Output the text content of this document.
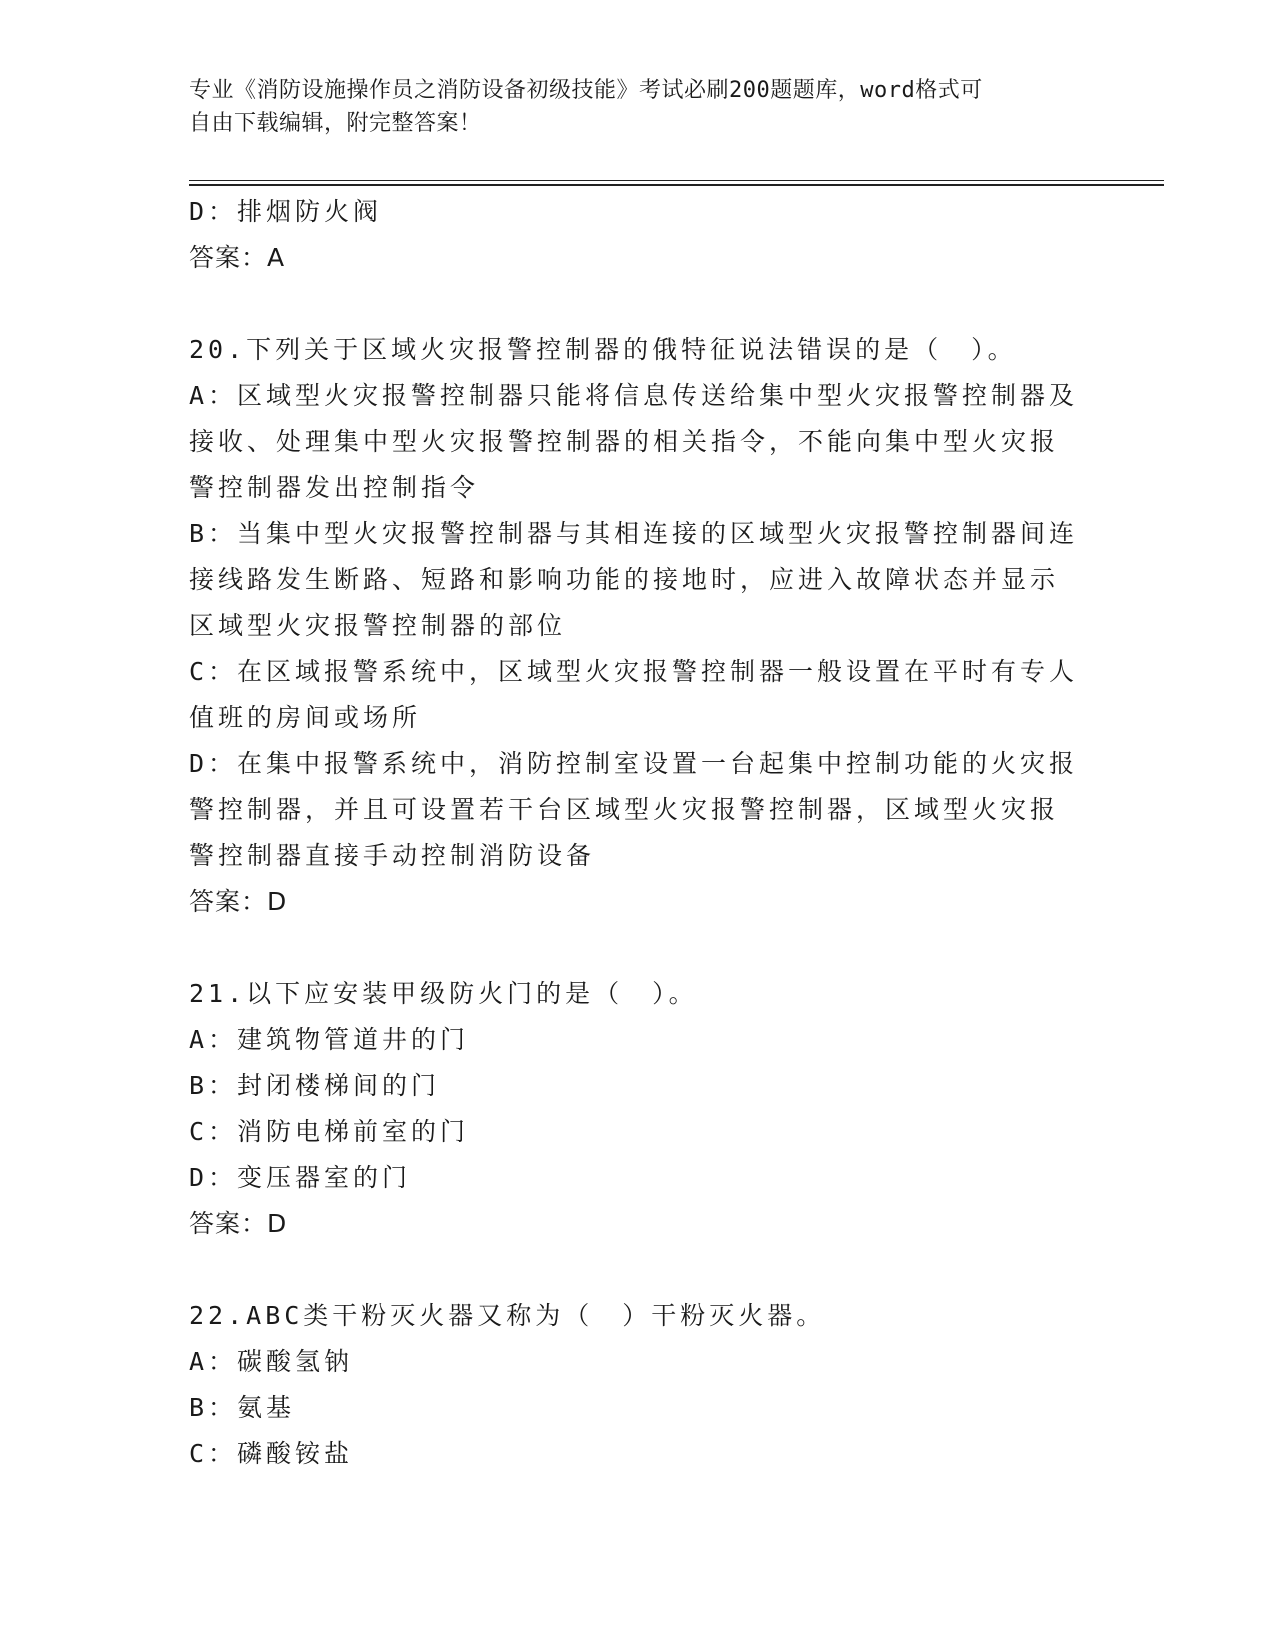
专业《消防设施操作员之消防设备初级技能》考试必刷200题题库，word格式可
自由下载编辑，附完整答案！
D：排烟防火阀
答案：A
20.下列关于区域火灾报警控制器的俄特征说法错误的是（　）。
A：区域型火灾报警控制器只能将信息传送给集中型火灾报警控制器及
接收、处理集中型火灾报警控制器的相关指令，不能向集中型火灾报
警控制器发出控制指令
B：当集中型火灾报警控制器与其相连接的区域型火灾报警控制器间连
接线路发生断路、短路和影响功能的接地时，应进入故障状态并显示
区域型火灾报警控制器的部位
C：在区域报警系统中，区域型火灾报警控制器一般设置在平时有专人
值班的房间或场所
D：在集中报警系统中，消防控制室设置一台起集中控制功能的火灾报
警控制器，并且可设置若干台区域型火灾报警控制器，区域型火灾报
警控制器直接手动控制消防设备
答案：D
21.以下应安装甲级防火门的是（　）。
A：建筑物管道井的门
B：封闭楼梯间的门
C：消防电梯前室的门
D：变压器室的门
答案：D
22.ABC类干粉灭火器又称为（　）干粉灭火器。
A：碳酸氢钠
B：氨基
C：磷酸铵盐
